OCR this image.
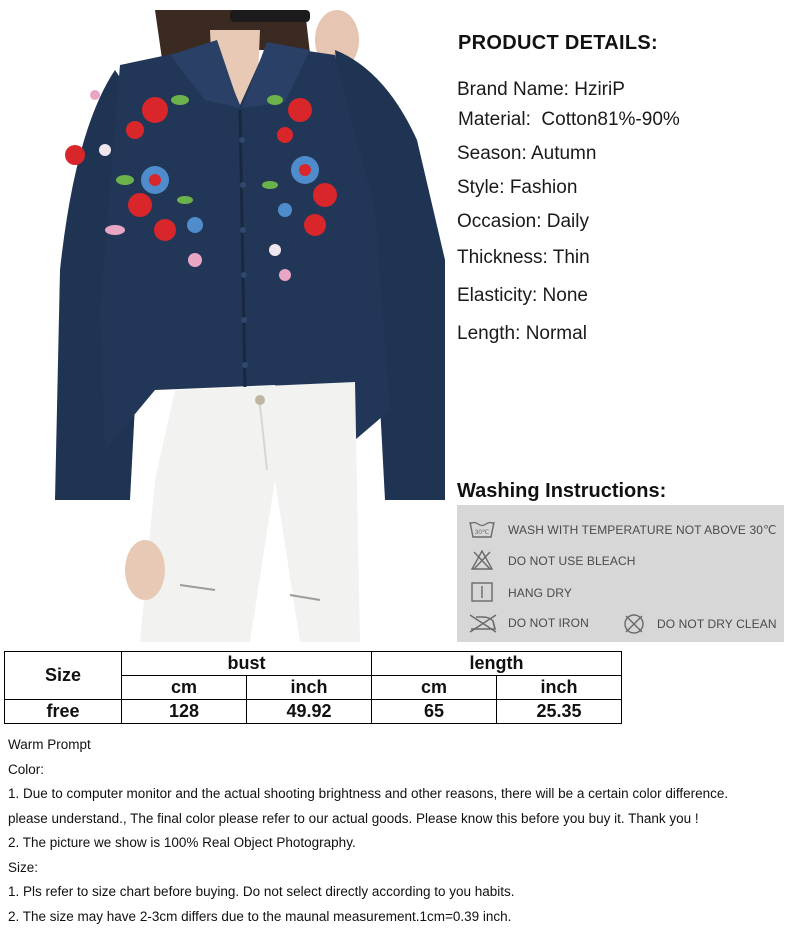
PRODUCT DETAILS:
Brand Name: HziriP
Material: Cotton81%-90%
Season: Autumn
Style: Fashion
Occasion: Daily
Thickness: Thin
Elasticity: None
Length: Normal
Washing Instructions:
30℃ WASH WITH TEMPERATURE NOT ABOVE 30℃
DO NOT USE BLEACH
HANG DRY
DO NOT IRON	DO NOT DRY CLEAN
Size	bust		length	
	cm	inch	cm	inch
free	128	49.92	65	25.35
Warm Prompt
Color:
1. Due to computer monitor and the actual shooting brightness and other reasons, there will be a certain color difference.
please understand., The final color please refer to our actual goods. Please know this before you buy it. Thank you !
2. The picture we show is 100% Real Object Photography.
Size:
1. Pls refer to size chart before buying. Do not select directly according to you habits.
2. The size may have 2-3cm differs due to the maunal measurement.1cm=0.39 inch.
